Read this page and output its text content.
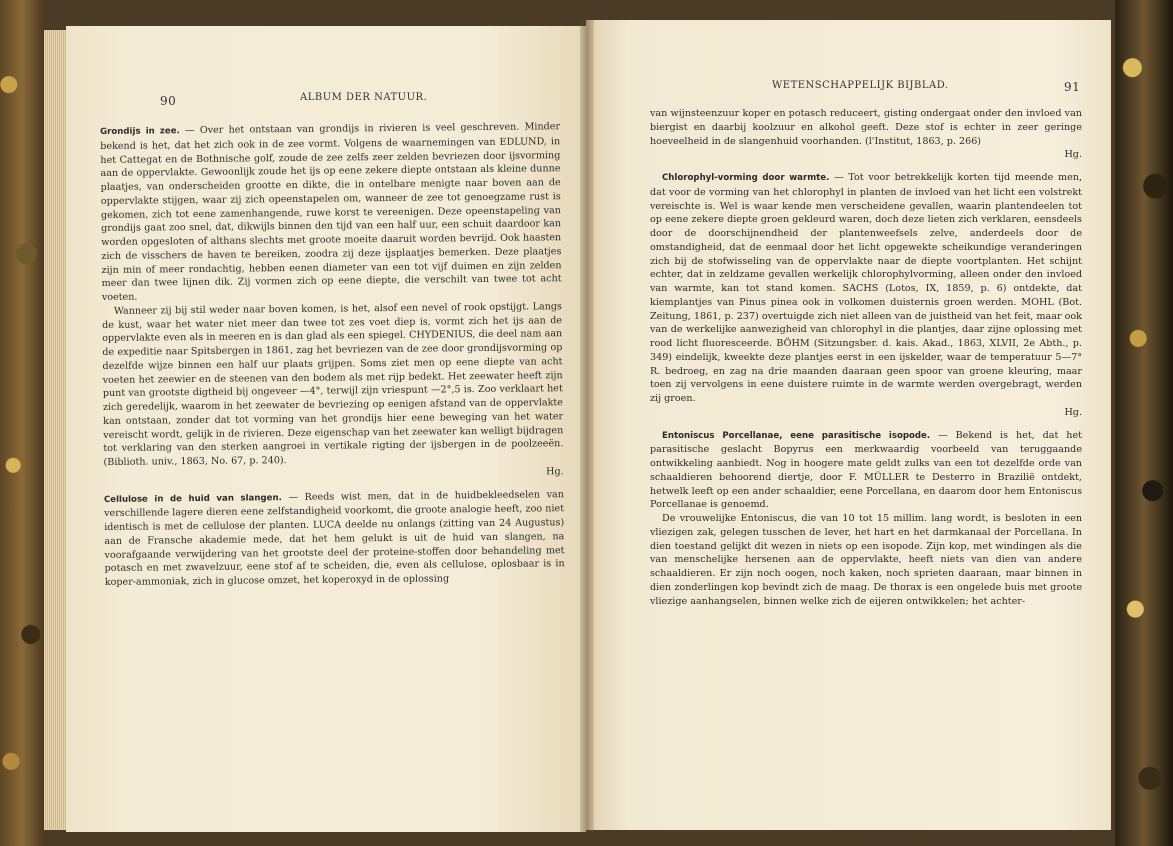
90	ALBUM DER NATUUR.
WETENSCHAPPELIJK BIJBLAD.	91

Grondijs in zee. — Over het ontstaan van grondijs in rivieren is veel geschreven. Minder bekend is het, dat het zich ook in de zee vormt. Volgens de waarnemingen van EDLUND, in het Cattegat en de Bothnische golf, zoude de zee zelfs zeer zelden bevriezen door ijsvorming aan de oppervlakte. Gewoonlijk zoude het ijs op eene zekere diepte ontstaan als kleine dunne plaatjes, van onderscheiden grootte en dikte, die in ontelbare menigte naar boven aan de oppervlakte stijgen, waar zij zich opeenstapelen om, wanneer de zee tot genoegzame rust is gekomen, zich tot eene zamenhangende, ruwe korst te vereenigen. Deze opeenstapeling van grondijs gaat zoo snel, dat, dikwijls binnen den tijd van een half uur, een schuit daardoor kan worden opgesloten of althans slechts met groote moeite daaruit worden bevrijd. Ook haasten zich de visschers de haven te bereiken, zoodra zij deze ijsplaatjes bemerken. Deze plaatjes zijn min of meer rondachtig, hebben eenen diameter van een tot vijf duimen en zijn zelden meer dan twee lijnen dik. Zij vormen zich op eene diepte, die verschilt van twee tot acht voeten.

Wanneer zij bij stil weder naar boven komen, is het, alsof een nevel of rook opstijgt. Langs de kust, waar het water niet meer dan twee tot zes voet diep is, vormt zich het ijs aan de oppervlakte even als in meeren en is dan glad als een spiegel. CHYDENIUS, die deel nam aan de expeditie naar Spitsbergen in 1861, zag het bevriezen van de zee door grondijsvorming op dezelfde wijze binnen een half uur plaats grijpen. Soms ziet men op eene diepte van acht voeten het zeewier en de steenen van den bodem als met rijp bedekt. Het zeewater heeft zijn punt van grootste digtheid bij ongeveer —4°, terwijl zijn vriespunt —2°,5 is. Zoo verklaart het zich geredelijk, waarom in het zeewater de bevriezing op eenigen afstand van de oppervlakte kan ontstaan, zonder dat tot vorming van het grondijs hier eene beweging van het water vereischt wordt, gelijk in de rivieren. Deze eigenschap van het zeewater kan welligt bijdragen tot verklaring van den sterken aangroei in vertikale rigting der ijsbergen in de poolzeeën. (Biblioth. univ., 1863, No. 67, p. 240).

Hg.

Cellulose in de huid van slangen. — Reeds wist men, dat in de huidbekleedselen van verschillende lagere dieren eene zelfstandigheid voorkomt, die groote analogie heeft, zoo niet identisch is met de cellulose der planten. LUCA deelde nu onlangs (zitting van 24 Augustus) aan de Fransche akademie mede, dat het hem gelukt is uit de huid van slangen, na voorafgaande verwijdering van het grootste deel der proteine-stoffen door behandeling met potasch en met zwavelzuur, eene stof af te scheiden, die, even als cellulose, oplosbaar is in koper-ammoniak, zich in glucose omzet, het koperoxyd in de oplossing

van wijnsteenzuur koper en potasch reduceert, gisting ondergaat onder den invloed van biergist en daarbij koolzuur en alkohol geeft. Deze stof is echter in zeer geringe hoeveelheid in de slangenhuid voorhanden. (l'Institut, 1863, p. 266)

Hg.

Chlorophyl-vorming door warmte. — Tot voor betrekkelijk korten tijd meende men, dat voor de vorming van het chlorophyl in planten de invloed van het licht een volstrekt vereischte is. Wel is waar kende men verscheidene gevallen, waarin plantendeelen tot op eene zekere diepte groen gekleurd waren, doch deze lieten zich verklaren, eensdeels door de doorschijnendheid der plantenweefsels zelve, anderdeels door de omstandigheid, dat de eenmaal door het licht opgewekte scheikundige veranderingen zich bij de stofwisseling van de oppervlakte naar de diepte voortplanten. Het schijnt echter, dat in zeldzame gevallen werkelijk chlorophylvorming, alleen onder den invloed van warmte, kan tot stand komen. SACHS (Lotos, IX, 1859, p. 6) ontdekte, dat kiemplantjes van Pinus pinea ook in volkomen duisternis groen werden. MOHL (Bot. Zeitung, 1861, p. 237) overtuigde zich niet alleen van de juistheid van het feit, maar ook van de werkelijke aanwezigheid van chlorophyl in die plantjes, daar zijne oplossing met rood licht fluoresceerde. BÖHM (Sitzungsber. d. kais. Akad., 1863, XLVII, 2e Abth., p. 349) eindelijk, kweekte deze plantjes eerst in een ijskelder, waar de temperatuur 5—7° R. bedroeg, en zag na drie maanden daaraan geen spoor van groene kleuring, maar toen zij vervolgens in eene duistere ruimte in de warmte werden overgebragt, werden zij groen.

Hg.

Entoniscus Porcellanae, eene parasitische isopode. — Bekend is het, dat het parasitische geslacht Bopyrus een merkwaardig voorbeeld van teruggaande ontwikkeling aanbiedt. Nog in hoogere mate geldt zulks van een tot dezelfde orde van schaaldieren behoorend diertje, door F. MÜLLER te Desterro in Brazilië ontdekt, hetwelk leeft op een ander schaaldier, eene Porcellana, en daarom door hem Entoniscus Porcellanae is genoemd.

De vrouwelijke Entoniscus, die van 10 tot 15 millim. lang wordt, is besloten in een vliezigen zak, gelegen tusschen de lever, het hart en het darmkanaal der Porcellana. In dien toestand gelijkt dit wezen in niets op een isopode. Zijn kop, met windingen als die van menschelijke hersenen aan de oppervlakte, heeft niets van dien van andere schaaldieren. Er zijn noch oogen, noch kaken, noch sprieten daaraan, maar binnen in dien zonderlingen kop bevindt zich de maag. De thorax is een ongelede buis met groote vliezige aanhangselen, binnen welke zich de eijeren ontwikkelen; het achter-
